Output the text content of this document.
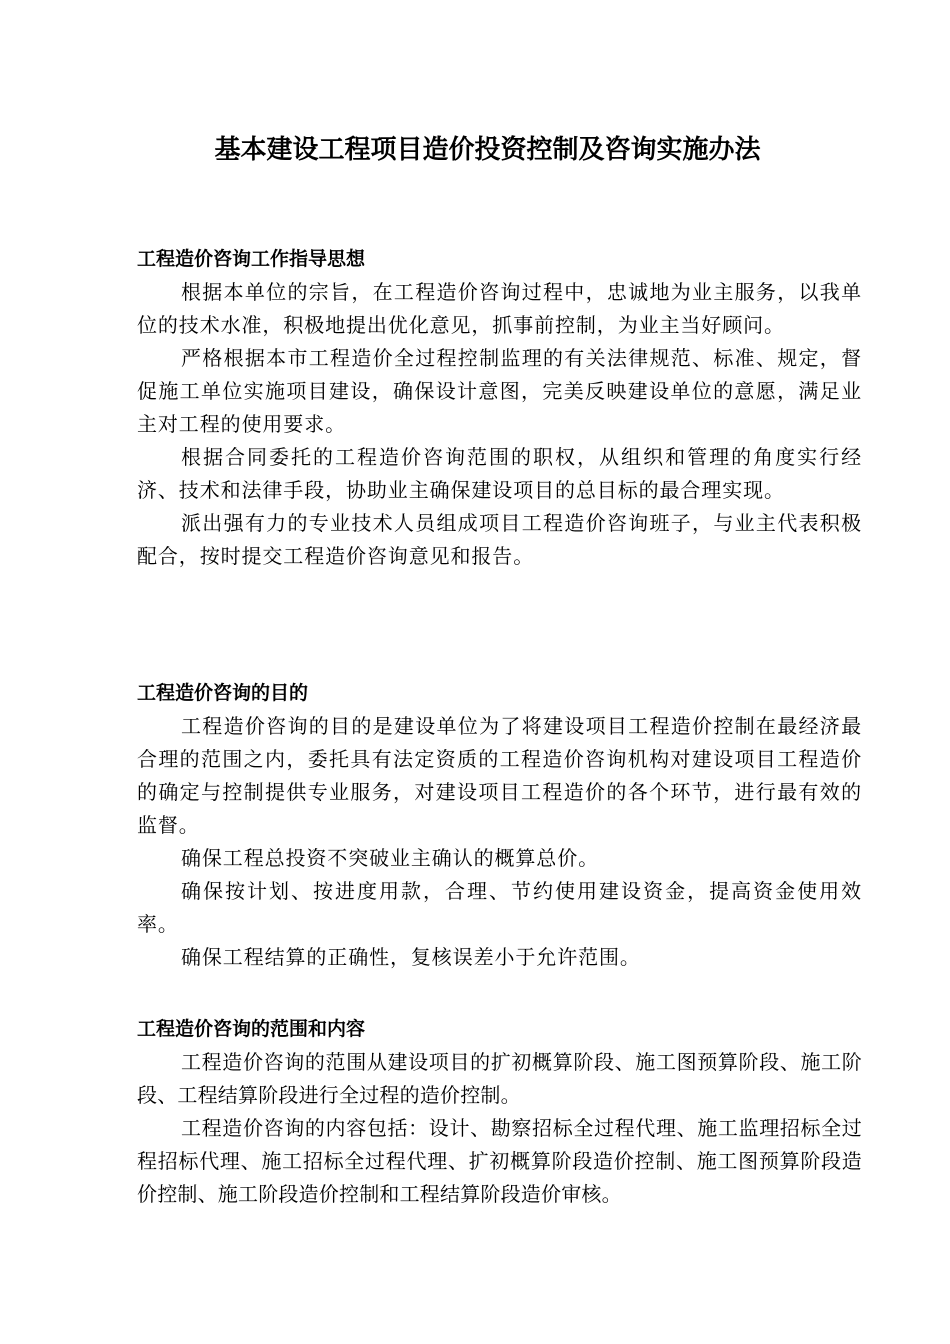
基本建设工程项目造价投资控制及咨询实施办法
工程造价咨询工作指导思想

根据本单位的宗旨，在工程造价咨询过程中，忠诚地为业主服务，以我单位的技术水准，积极地提出优化意见，抓事前控制，为业主当好顾问。

严格根据本市工程造价全过程控制监理的有关法律规范、标准、规定，督促施工单位实施项目建设，确保设计意图，完美反映建设单位的意愿，满足业主对工程的使用要求。

根据合同委托的工程造价咨询范围的职权，从组织和管理的角度实行经济、技术和法律手段，协助业主确保建设项目的总目标的最合理实现。

派出强有力的专业技术人员组成项目工程造价咨询班子，与业主代表积极配合，按时提交工程造价咨询意见和报告。

工程造价咨询的目的

工程造价咨询的目的是建设单位为了将建设项目工程造价控制在最经济最合理的范围之内，委托具有法定资质的工程造价咨询机构对建设项目工程造价的确定与控制提供专业服务，对建设项目工程造价的各个环节，进行最有效的监督。

确保工程总投资不突破业主确认的概算总价。

确保按计划、按进度用款，合理、节约使用建设资金，提高资金使用效率。

确保工程结算的正确性，复核误差小于允许范围。

工程造价咨询的范围和内容

工程造价咨询的范围从建设项目的扩初概算阶段、施工图预算阶段、施工阶段、工程结算阶段进行全过程的造价控制。

工程造价咨询的内容包括：设计、勘察招标全过程代理、施工监理招标全过程招标代理、施工招标全过程代理、扩初概算阶段造价控制、施工图预算阶段造价控制、施工阶段造价控制和工程结算阶段造价审核。
